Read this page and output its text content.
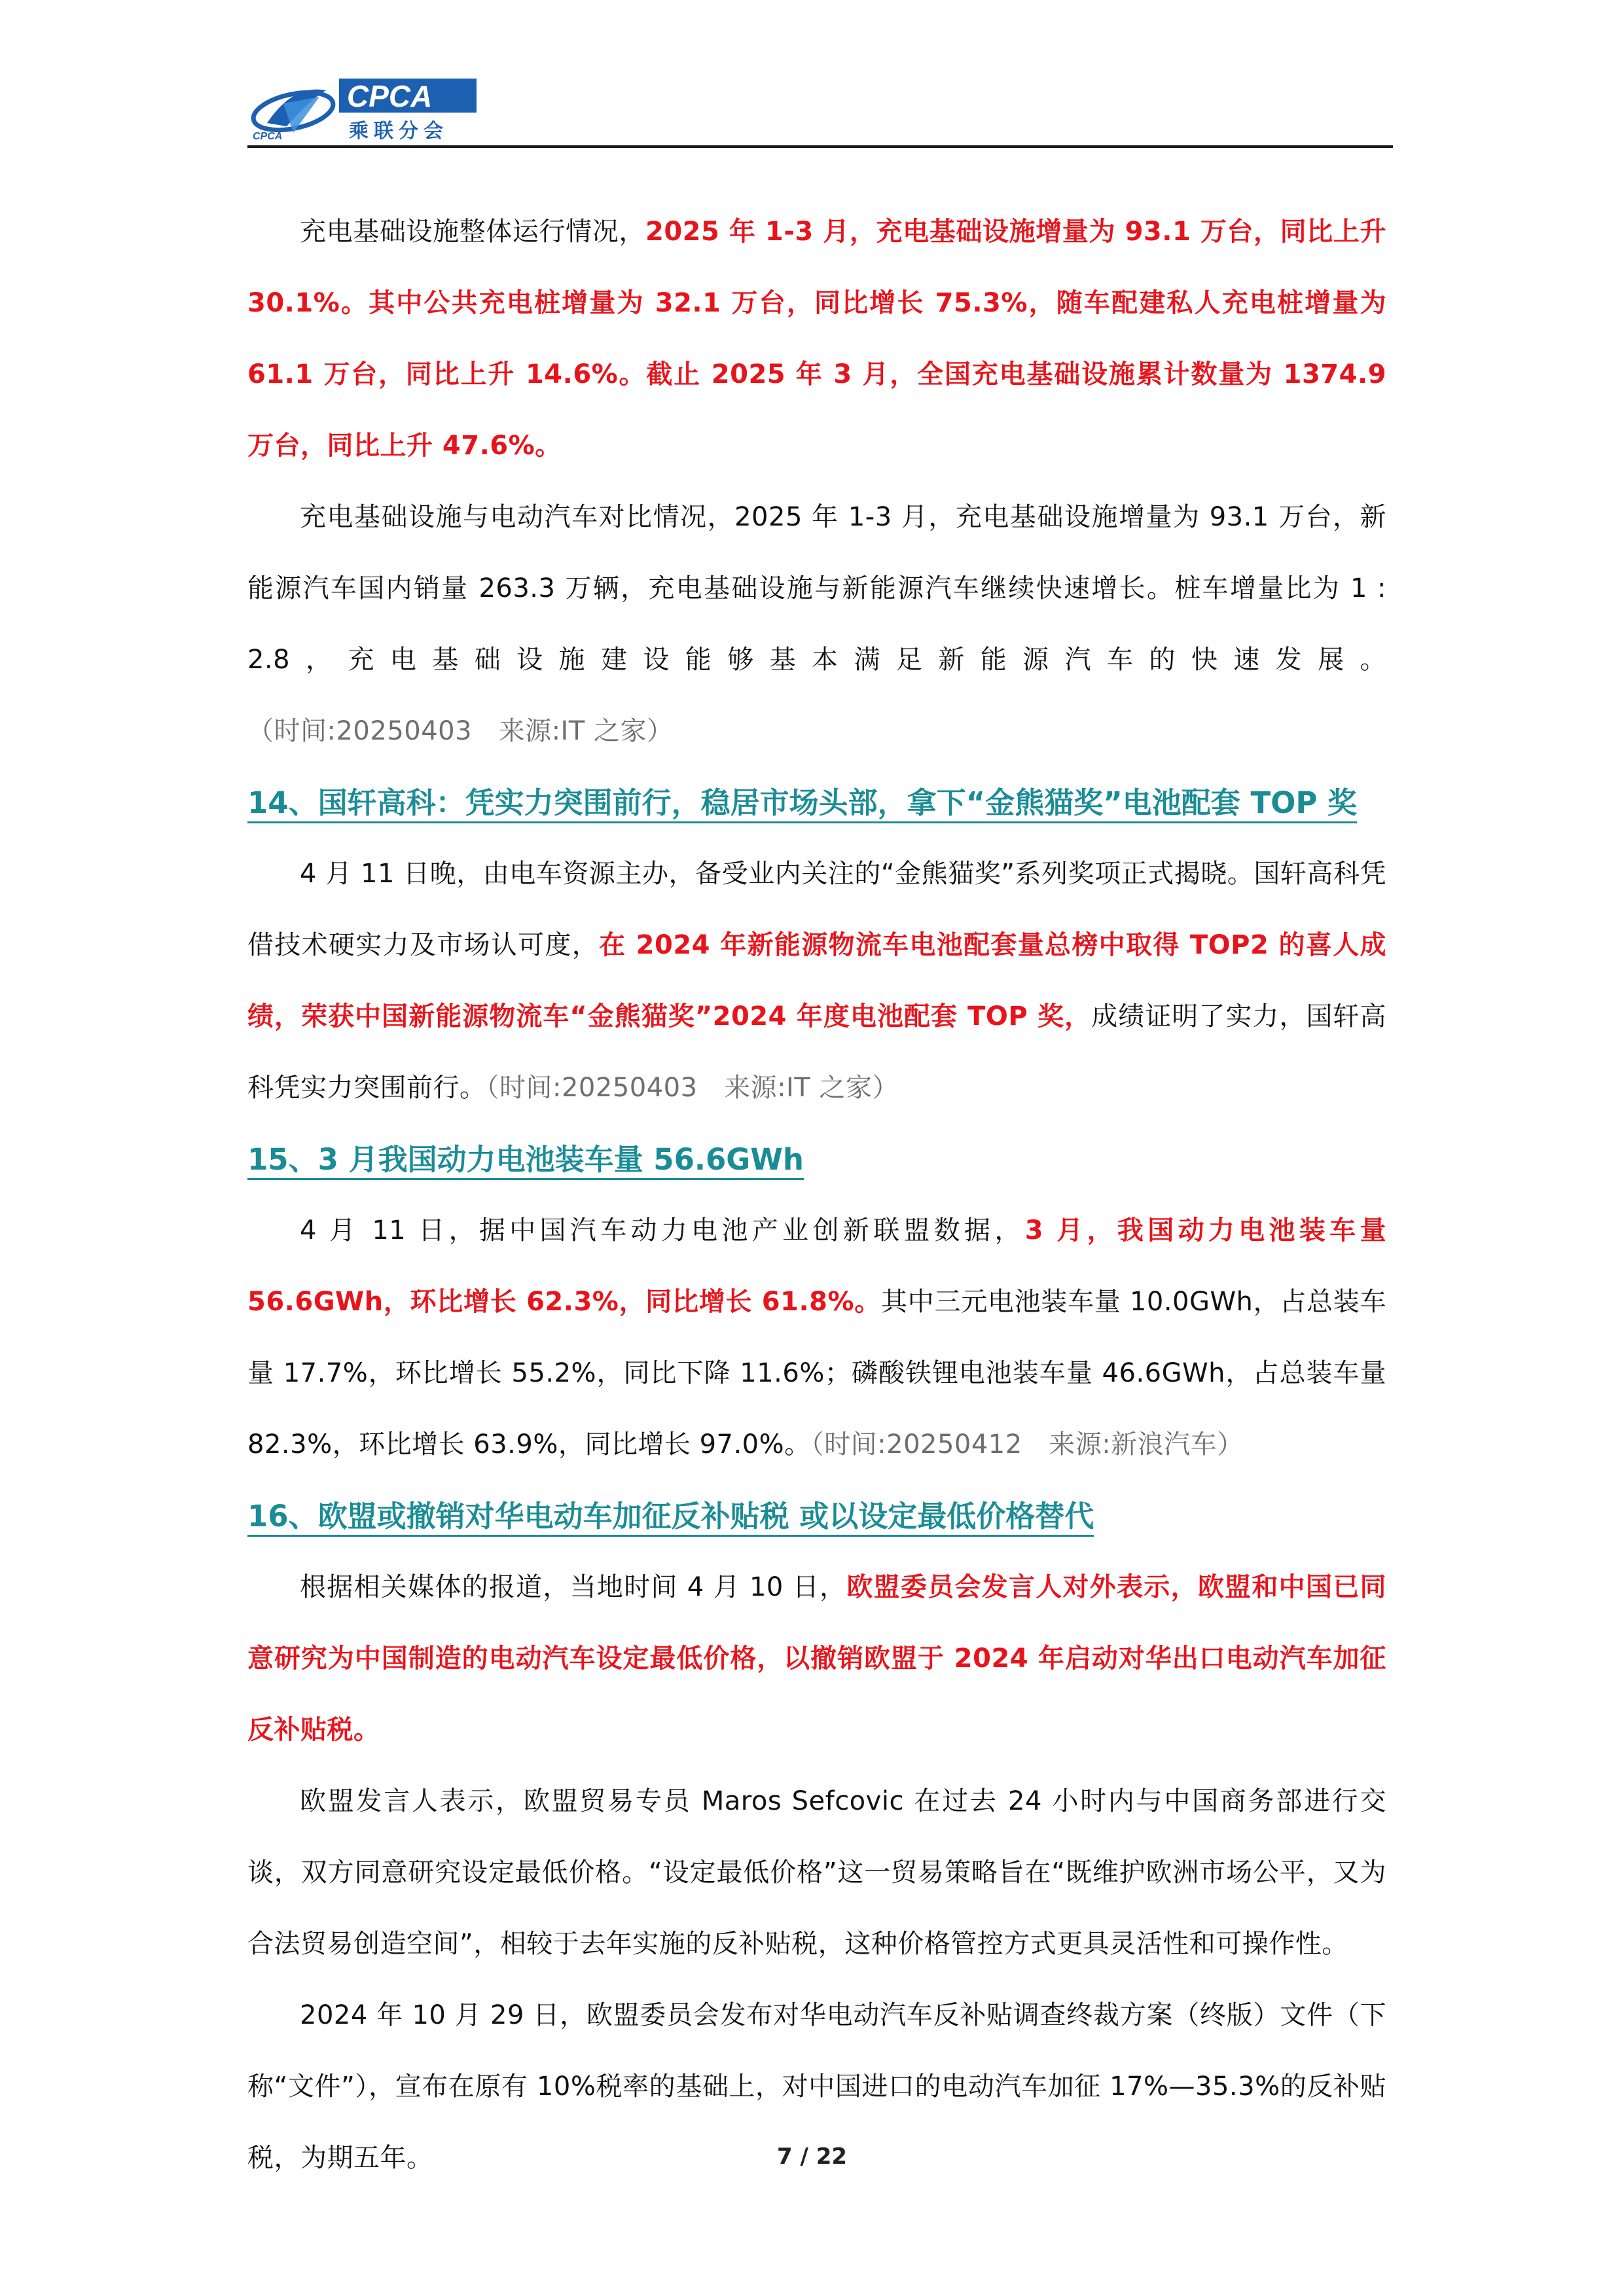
CPCA
CPCA
乘联分会

充电基础设施整体运行情况，2025 年 1-3 月，充电基础设施增量为 93.1 万台，同比上升 30.1%。其中公共充电桩增量为 32.1 万台，同比增长 75.3%，随车配建私人充电桩增量为 61.1 万台，同比上升 14.6%。截止 2025 年 3 月，全国充电基础设施累计数量为 1374.9 万台，同比上升 47.6%。

充电基础设施与电动汽车对比情况，2025 年 1-3 月，充电基础设施增量为 93.1 万台，新能源汽车国内销量 263.3 万辆，充电基础设施与新能源汽车继续快速增长。桩车增量比为 1 : 2.8，充电基础设施建设能够基本满足新能源汽车的快速发展。（时间:20250403　来源:IT 之家）

14、国轩高科：凭实力突围前行，稳居市场头部，拿下“金熊猫奖”电池配套 TOP 奖

4 月 11 日晚，由电车资源主办，备受业内关注的“金熊猫奖”系列奖项正式揭晓。国轩高科凭借技术硬实力及市场认可度，在 2024 年新能源物流车电池配套量总榜中取得 TOP2 的喜人成绩，荣获中国新能源物流车“金熊猫奖”2024 年度电池配套 TOP 奖，成绩证明了实力，国轩高科凭实力突围前行。（时间:20250403　来源:IT 之家）

15、3 月我国动力电池装车量 56.6GWh

4 月 11 日，据中国汽车动力电池产业创新联盟数据，3 月，我国动力电池装车量 56.6GWh，环比增长 62.3%，同比增长 61.8%。其中三元电池装车量 10.0GWh，占总装车量 17.7%，环比增长 55.2%，同比下降 11.6%；磷酸铁锂电池装车量 46.6GWh，占总装车量 82.3%，环比增长 63.9%，同比增长 97.0%。（时间:20250412　来源:新浪汽车）

16、欧盟或撤销对华电动车加征反补贴税 或以设定最低价格替代

根据相关媒体的报道，当地时间 4 月 10 日，欧盟委员会发言人对外表示，欧盟和中国已同意研究为中国制造的电动汽车设定最低价格，以撤销欧盟于 2024 年启动对华出口电动汽车加征反补贴税。

欧盟发言人表示，欧盟贸易专员 Maros Sefcovic 在过去 24 小时内与中国商务部进行交谈，双方同意研究设定最低价格。“设定最低价格”这一贸易策略旨在“既维护欧洲市场公平，又为合法贸易创造空间”，相较于去年实施的反补贴税，这种价格管控方式更具灵活性和可操作性。

2024 年 10 月 29 日，欧盟委员会发布对华电动汽车反补贴调查终裁方案（终版）文件（下称“文件”），宣布在原有 10%税率的基础上，对中国进口的电动汽车加征 17%—35.3%的反补贴税，为期五年。	7 / 22
